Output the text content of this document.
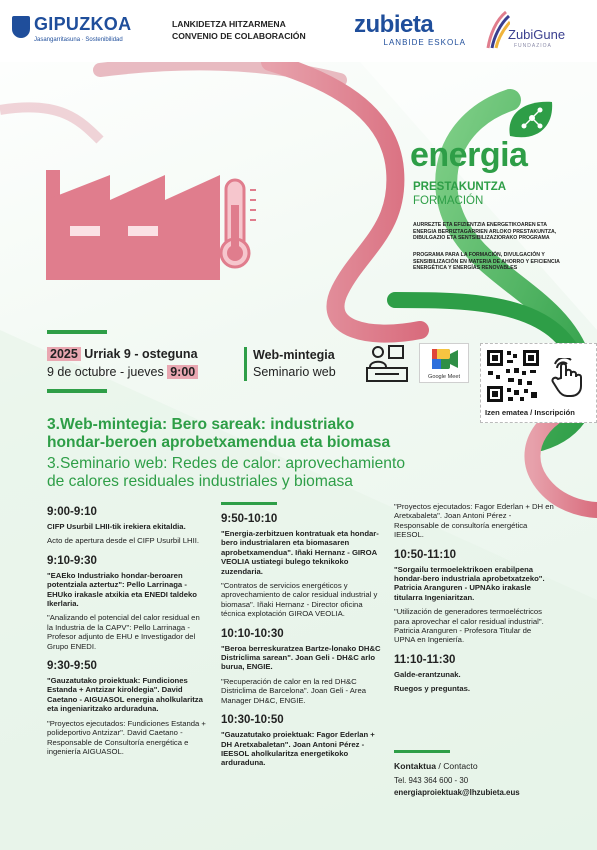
GIPUZKOA
Jasangarritasuna · Sostenibilidad
LANKIDETZA HITZARMENA
CONVENIO DE COLABORACIÓN zubieta
LANBIDE ESKOLA
ZubiGune
FUNDAZIOA
energia
PRESTAKUNTZA
FORMACIÓN
AURREZTE ETA EFIZIENTZIA ENERGETIKOAREN ETA ENERGIA BERRIZTAGARRIEN ARLOKO PRESTAKUNTZA, DIBULGAZIO ETA SENTSIBILIZAZIORAKO PROGRAMA
PROGRAMA PARA LA FORMACIÓN, DIVULGACIÓN Y SENSIBILIZACIÓN EN MATERIA DE AHORRO Y EFICIENCIA ENERGÉTICA Y ENERGÍAS RENOVABLES
2025 Urriak 9 - osteguna
9 de octubre - jueves 9:00
Web-mintegia
Seminario web	Google Meet
Izen ematea / Inscripción
3.Web-mintegia: Bero sareak: industriako
hondar-beroen aprobetxamendua eta biomasa
3.Seminario web: Redes de calor: aprovechamiento
de calores residuales industriales y biomasa
9:00-9:10
CIFP Usurbil LHII-tik irekiera ekitaldia.
Acto de apertura desde el CIFP Usurbil LHII.
9:10-9:30
"EAEko Industriako hondar-beroaren potentziala aztertuz": Pello Larrinaga - EHUko irakasle atxikia eta ENEDI taldeko Ikerlaria.
"Analizando el potencial del calor residual en la Industria de la CAPV": Pello Larrinaga - Profesor adjunto de EHU e Investigador del Grupo ENEDI.
9:30-9:50
"Gauzatutako proiektuak: Fundiciones Estanda + Antzizar kiroldegia". David Caetano - AIGUASOL energia aholkularitza eta ingeniaritzako arduraduna.
"Proyectos ejecutados: Fundiciones Estanda + polideportivo Antzizar". David Caetano - Responsable de Consultoría energética e ingeniería AIGUASOL.
9:50-10:10
"Energia-zerbitzuen kontratuak eta hondar-bero industrialaren eta biomasaren aprobetxamendua". Iñaki Hernanz - GIROA VEOLIA ustiategi bulego teknikoko zuzendaria.
"Contratos de servicios energéticos y aprovechamiento de calor residual industrial y biomasa". Iñaki Hernanz - Director oficina técnica explotación GIROA VEOLIA.
10:10-10:30
"Beroa berreskuratzea Bartze-lonako DH&C Districlima sarean". Joan Geli - DH&C arlo burua, ENGIE.
"Recuperación de calor en la red DH&C Districlima de Barcelona". Joan Geli - Area Manager DH&C, ENGIE.
10:30-10:50
"Gauzatutako proiektuak: Fagor Ederlan + DH Aretxabaletan". Joan Antoni Pérez - IEESOL aholkularitza energetikoko arduraduna.
"Proyectos ejecutados: Fagor Ederlan + DH en Aretxabaleta". Joan Antoni Pérez - Responsable de consultoría energética IEESOL.
10:50-11:10
"Sorgailu termoelektrikoen erabilpena hondar-bero industriala aprobetxatzeko". Patricia Aranguren - UPNAko irakasle titularra Ingeniaritzan.
"Utilización de generadores termoeléctricos para aprovechar el calor residual industrial". Patricia Aranguren - Profesora Titular de UPNA en Ingeniería.
11:10-11:30
Galde-erantzunak.
Ruegos y preguntas.
Kontaktua / Contacto
Tel. 943 364 600 - 30
energiaproiektuak@lhzubieta.eus
